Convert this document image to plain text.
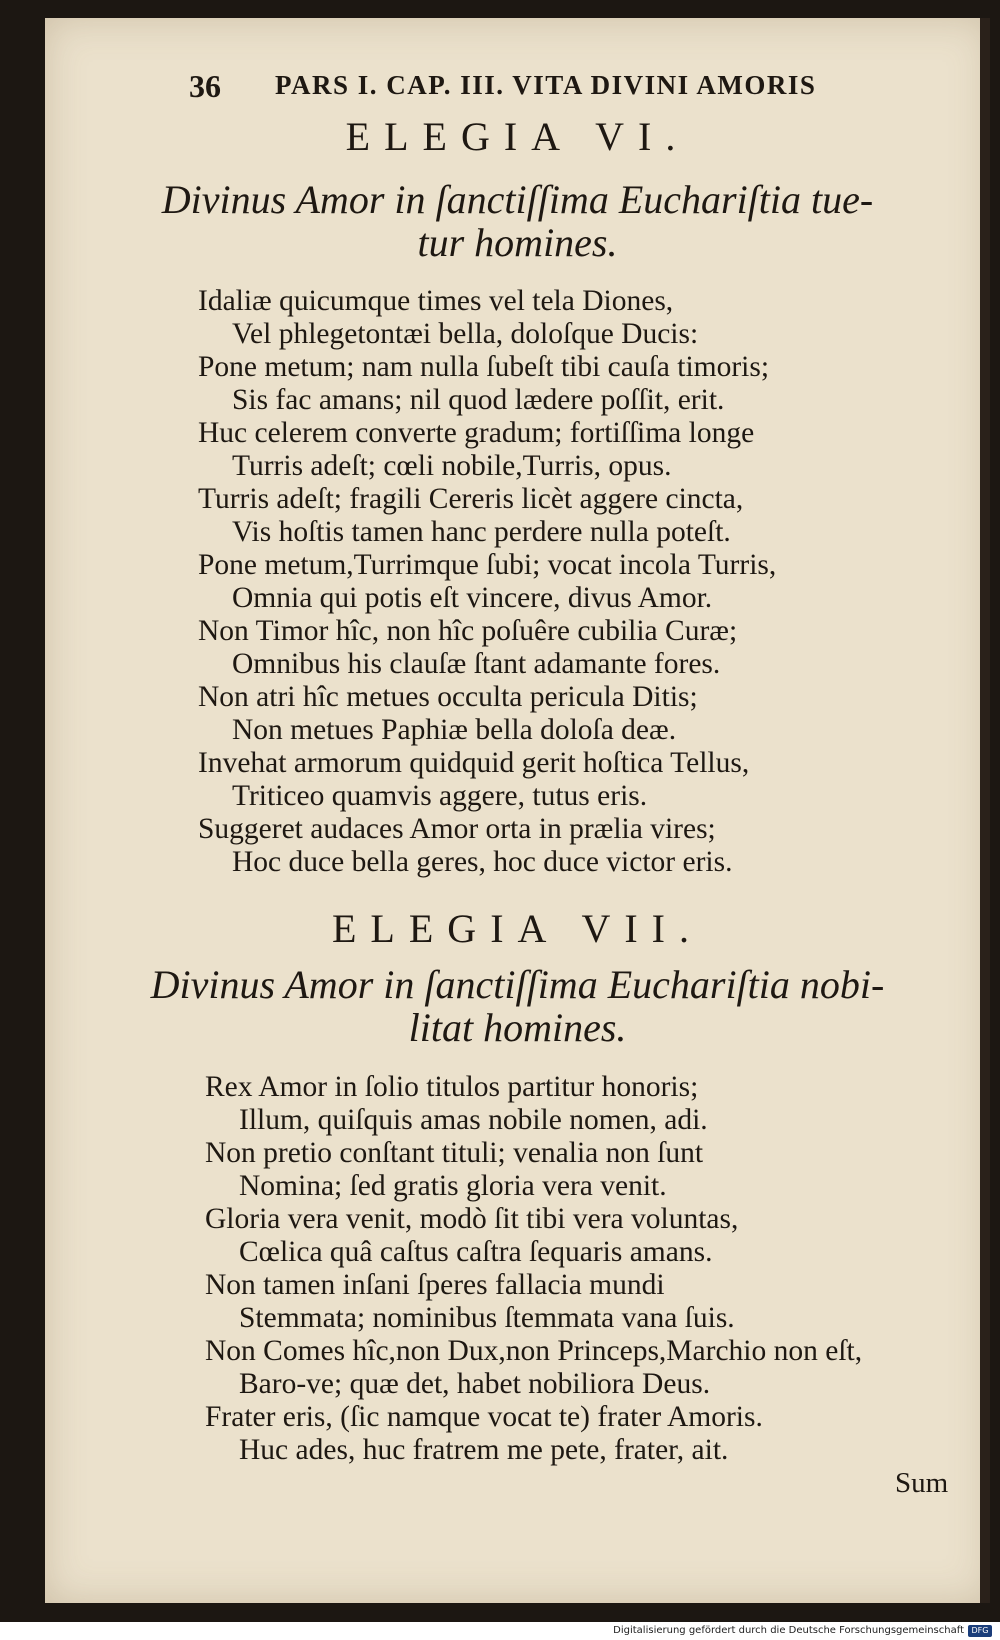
36 PARS I. CAP. III. VITA DIVINI AMORIS
ELEGIA VI.
Divinus Amor in ſanctiſſima Euchariſtia tue-
tur homines.
Idaliæ quicumque times vel tela Diones,
Vel phlegetontæi bella, doloſque Ducis:
Pone metum; nam nulla ſubeſt tibi cauſa timoris;
Sis fac amans; nil quod lædere poſſit, erit.
Huc celerem converte gradum; fortiſſima longe
Turris adeſt; cœli nobile,Turris, opus.
Turris adeſt; fragili Cereris licèt aggere cincta,
Vis hoſtis tamen hanc perdere nulla poteſt.
Pone metum,Turrimque ſubi; vocat incola Turris,
Omnia qui potis eſt vincere, divus Amor.
Non Timor hîc, non hîc poſuêre cubilia Curæ;
Omnibus his clauſæ ſtant adamante fores.
Non atri hîc metues occulta pericula Ditis;
Non metues Paphiæ bella doloſa deæ.
Invehat armorum quidquid gerit hoſtica Tellus,
Triticeo quamvis aggere, tutus eris.
Suggeret audaces Amor orta in prælia vires;
Hoc duce bella geres, hoc duce victor eris.
ELEGIA VII.
Divinus Amor in ſanctiſſima Euchariſtia nobi-
litat homines.
Rex Amor in ſolio titulos partitur honoris;
Illum, quiſquis amas nobile nomen, adi.
Non pretio conſtant tituli; venalia non ſunt
Nomina; ſed gratis gloria vera venit.
Gloria vera venit, modò ſit tibi vera voluntas,
Cœlica quâ caſtus caſtra ſequaris amans.
Non tamen inſani ſperes fallacia mundi
Stemmata; nominibus ſtemmata vana ſuis.
Non Comes hîc,non Dux,non Princeps,Marchio non eſt,
Baro-ve; quæ det, habet nobiliora Deus.
Frater eris, (ſic namque vocat te) frater Amoris.
Huc ades, huc fratrem me pete, frater, ait.
Sum
Digitalisierung gefördert durch die Deutsche Forschungsgemeinschaft DFG
